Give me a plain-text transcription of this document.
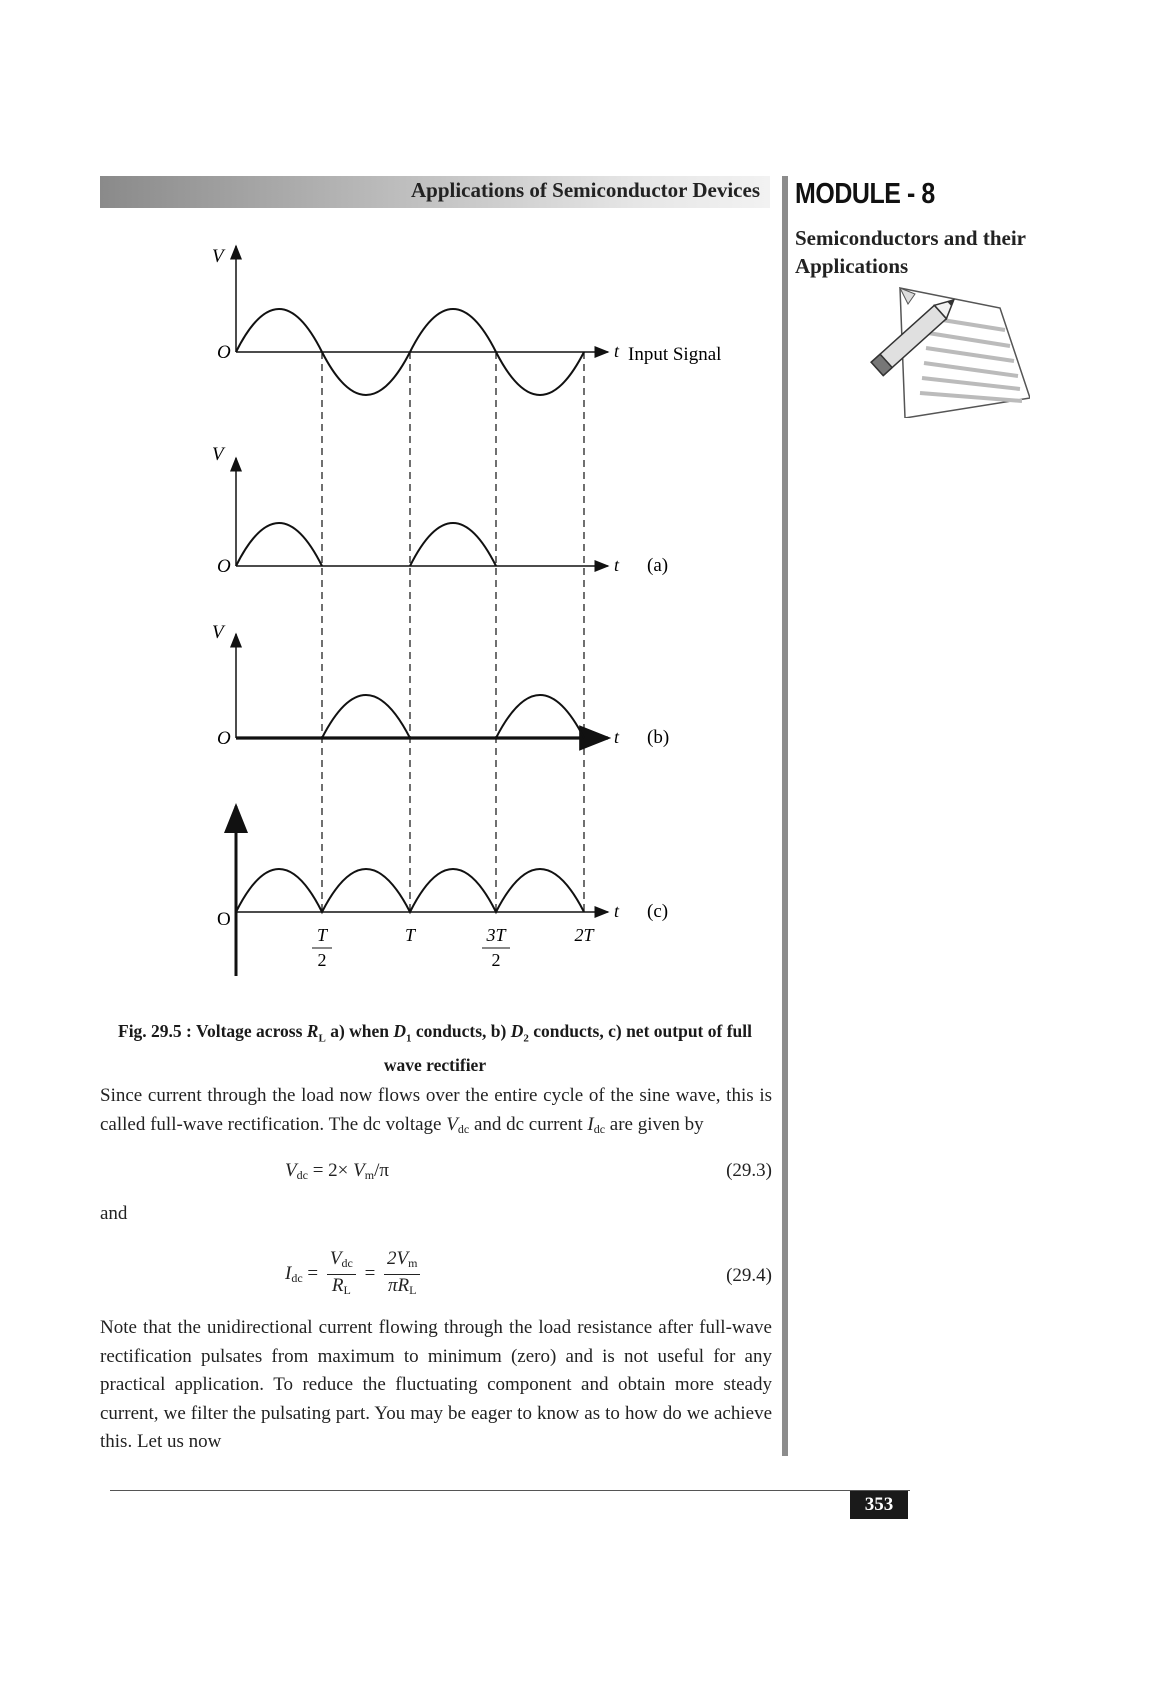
Applications of Semiconductor Devices MODULE - 8
Semiconductors and their Applications
V
O	t Input Signal
V
O	t (a)
V
O	t (b)
O	t (c)
T
2
T	3T
2
2T
Fig. 29.5 : Voltage across $R_L$ a) when $D_1$ conducts, b) $D_2$ conducts, c) net output of full wave rectifier
Since current through the load now flows over the entire cycle of the sine wave, this is called full-wave rectification. The dc voltage $V_{dc}$ and dc current $I_{dc}$ are given by
$V_{dc} = 2\times V_m/\pi$	(29.3)
and
$I_{dc} = \frac{V_{dc}}{R_L} = \frac{2V_m}{\pi R_L}$	(29.4)
Note that the unidirectional current flowing through the load resistance after full-wave rectification pulsates from maximum to minimum (zero) and is not useful for any practical application. To reduce the fluctuating component and obtain more steady current, we filter the pulsating part. You may be eager to know as to how do we achieve this. Let us now
353
